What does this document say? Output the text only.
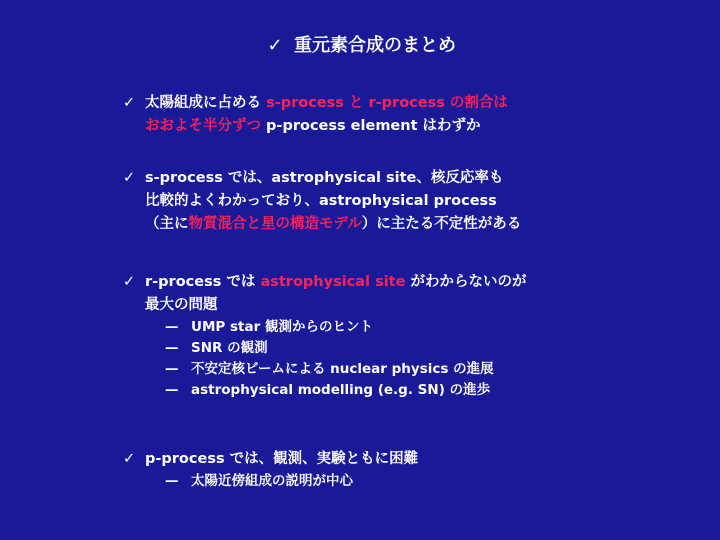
✓ 重元素合成のまとめ
✓ 太陽組成に占める s-process と r-process の割合は
おおよそ半分ずつ p-process element はわずか
✓ s-process では、astrophysical site、核反応率も
比較的よくわかっており、astrophysical process
（主に物質混合と星の構造モデル）に主たる不定性がある
✓ r-process では astrophysical site がわからないのが
最大の問題
— UMP star 観測からのヒント
— SNR の観測
— 不安定核ビームによる nuclear physics の進展
— astrophysical modelling (e.g. SN) の進歩
✓ p-process では、観測、実験ともに困難
— 太陽近傍組成の説明が中心
